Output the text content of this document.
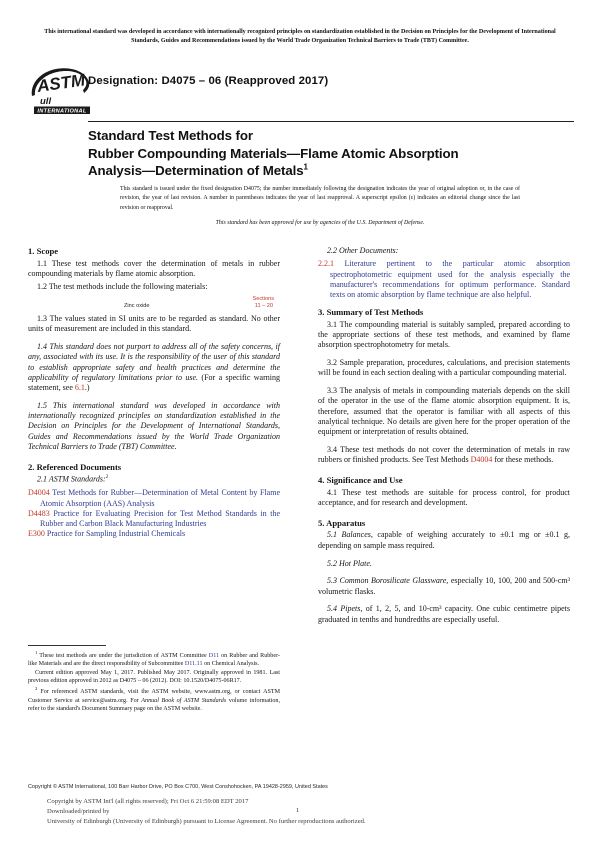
This international standard was developed in accordance with internationally recognized principles on standardization established in the Decision on Principles for the Development of International Standards, Guides and Recommendations issued by the World Trade Organization Technical Barriers to Trade (TBT) Committee.
ASTM
ull
INTERNATIONAL
Designation: D4075 – 06 (Reapproved 2017)
Standard Test Methods for
Rubber Compounding Materials—Flame Atomic Absorption
Analysis—Determination of Metals$^1$
This standard is issued under the fixed designation D4075; the number immediately following the designation indicates the year of original adoption or, in the case of revision, the year of last revision. A number in parentheses indicates the year of last reapproval. A superscript epsilon (ε) indicates an editorial change since the last revision or reapproval.
This standard has been approved for use by agencies of the U.S. Department of Defense.
1. Scope

1.1 These test methods cover the determination of metals in rubber compounding materials by flame atomic absorption.

1.2 The test methods include the following materials:

Sections
Zinc oxide	11 – 20

1.3 The values stated in SI units are to be regarded as standard. No other units of measurement are included in this standard.

1.4 This standard does not purport to address all of the safety concerns, if any, associated with its use. It is the responsibility of the user of this standard to establish appropriate safety and health practices and determine the applicability of regulatory limitations prior to use. (For a specific warning statement, see 6.1.)

1.5 This international standard was developed in accordance with internationally recognized principles on standardization established in the Decision on Principles for the Development of International Standards, Guides and Recommendations issued by the World Trade Organization Technical Barriers to Trade (TBT) Committee.

2. Referenced Documents

2.1 ASTM Standards:$^2$

D4004 Test Methods for Rubber—Determination of Metal Content by Flame Atomic Absorption (AAS) Analysis

D4483 Practice for Evaluating Precision for Test Method Standards in the Rubber and Carbon Black Manufacturing Industries

E300 Practice for Sampling Industrial Chemicals

2.2 Other Documents:

2.2.1 Literature pertinent to the particular atomic absorption spectrophotometric equipment used for the analysis especially the manufacturer's recommendations for optimum performance. Standard texts on atomic absorption by flame technique are also helpful.

3. Summary of Test Methods

3.1 The compounding material is suitably sampled, prepared according to the appropriate sections of these test methods, and examined by flame absorption spectrophotometry for metals.

3.2 Sample preparation, procedures, calculations, and precision statements will be found in each section dealing with a particular compounding material.

3.3 The analysis of metals in compounding materials depends on the skill of the operator in the use of the flame atomic absorption equipment. It is, therefore, assumed that the operator is familiar with all aspects of this analytical technique. No details are given here for the proper operation of the equipment or interpretation of results obtained.

3.4 These test methods do not cover the determination of metals in raw rubbers or finished products. See Test Methods D4004 for these methods.

4. Significance and Use

4.1 These test methods are suitable for process control, for product acceptance, and for research and development.

5. Apparatus

5.1 Balances, capable of weighing accurately to ±0.1 mg or ±0.1 g, depending on sample mass required.

5.2 Hot Plate.

5.3 Common Borosilicate Glassware, especially 10, 100, 200 and 500-cm³ volumetric flasks.

5.4 Pipets, of 1, 2, 5, and 10-cm³ capacity. One cubic centimetre pipets graduated in tenths and hundredths are especially useful.

$^1$ These test methods are under the jurisdiction of ASTM Committee D11 on Rubber and Rubber-like Materials and are the direct responsibility of Subcommittee D11.11 on Chemical Analysis.

Current edition approved May 1, 2017. Published May 2017. Originally approved in 1981. Last previous edition approved in 2012 as D4075 – 06 (2012). DOI: 10.1520/D4075-06R17.

$^2$ For referenced ASTM standards, visit the ASTM website, www.astm.org, or contact ASTM Customer Service at service@astm.org. For Annual Book of ASTM Standards volume information, refer to the standard's Document Summary page on the ASTM website.

Copyright © ASTM International, 100 Barr Harbor Drive, PO Box C700, West Conshohocken, PA 19428-2959, United States
Copyright by ASTM Int'l (all rights reserved); Fri Oct 6 21:59:08 EDT 2017
Downloaded/printed by
University of Edinburgh (University of Edinburgh) pursuant to License Agreement. No further reproductions authorized.
1
